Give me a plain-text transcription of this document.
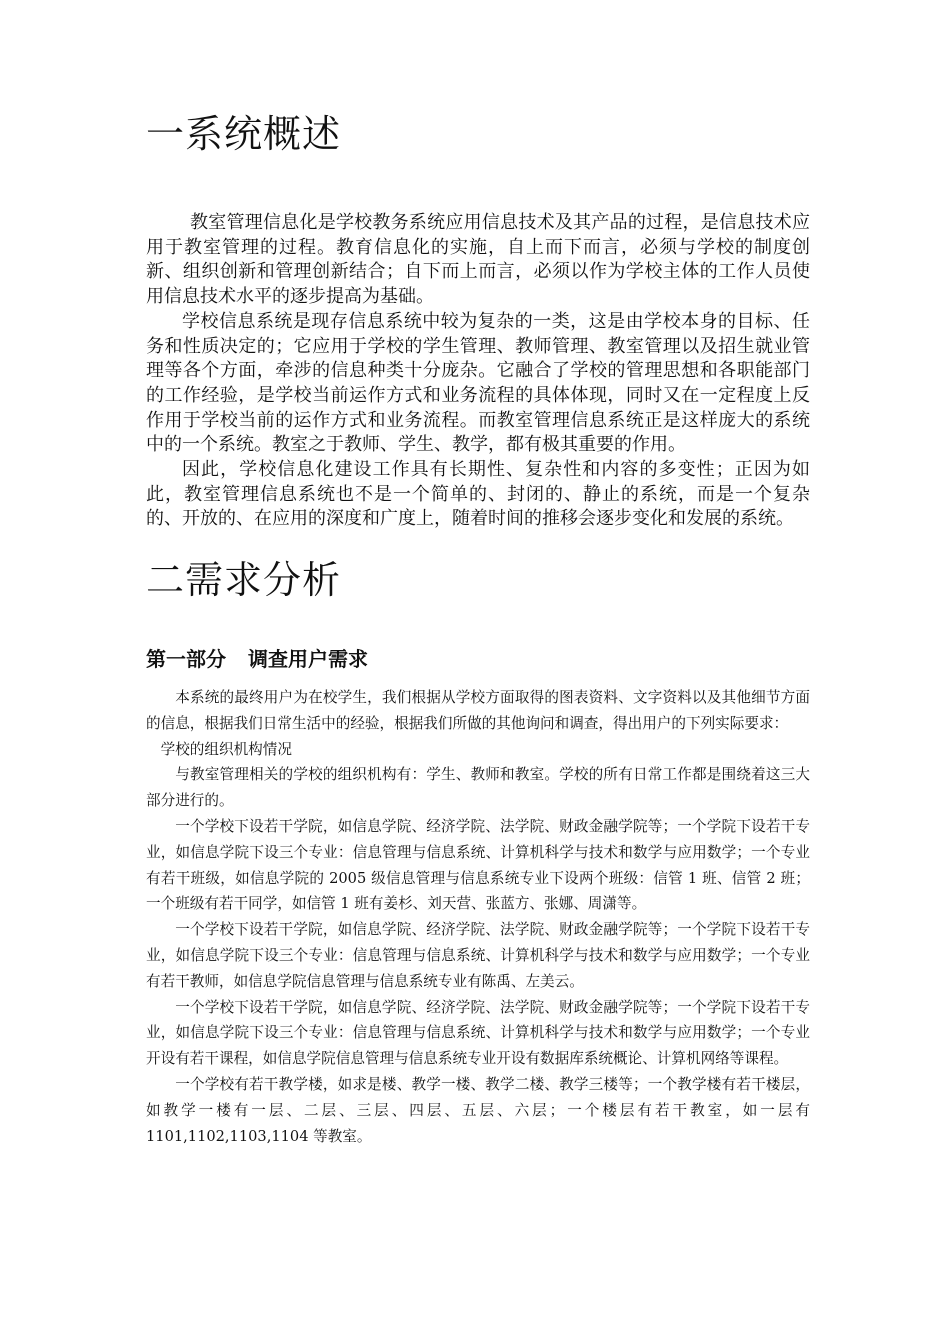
一系统概述

教室管理信息化是学校教务系统应用信息技术及其产品的过程，是信息技术应用于教室管理的过程。教育信息化的实施，自上而下而言，必须与学校的制度创新、组织创新和管理创新结合；自下而上而言，必须以作为学校主体的工作人员使用信息技术水平的逐步提高为基础。

学校信息系统是现存信息系统中较为复杂的一类，这是由学校本身的目标、任务和性质决定的；它应用于学校的学生管理、教师管理、教室管理以及招生就业管理等各个方面，牵涉的信息种类十分庞杂。它融合了学校的管理思想和各职能部门的工作经验，是学校当前运作方式和业务流程的具体体现，同时又在一定程度上反作用于学校当前的运作方式和业务流程。而教室管理信息系统正是这样庞大的系统中的一个系统。教室之于教师、学生、教学，都有极其重要的作用。

因此，学校信息化建设工作具有长期性、复杂性和内容的多变性；正因为如此，教室管理信息系统也不是一个简单的、封闭的、静止的系统，而是一个复杂的、开放的、在应用的深度和广度上，随着时间的推移会逐步变化和发展的系统。

二需求分析
第一部分 调查用户需求

本系统的最终用户为在校学生，我们根据从学校方面取得的图表资料、文字资料以及其他细节方面的信息，根据我们日常生活中的经验，根据我们所做的其他询问和调查，得出用户的下列实际要求：

学校的组织机构情况

与教室管理相关的学校的组织机构有：学生、教师和教室。学校的所有日常工作都是围绕着这三大部分进行的。

一个学校下设若干学院，如信息学院、经济学院、法学院、财政金融学院等；一个学院下设若干专业，如信息学院下设三个专业：信息管理与信息系统、计算机科学与技术和数学与应用数学；一个专业有若干班级，如信息学院的 2005 级信息管理与信息系统专业下设两个班级：信管 1 班、信管 2 班；一个班级有若干同学，如信管 1 班有姜杉、刘天营、张蓝方、张娜、周潇等。

一个学校下设若干学院，如信息学院、经济学院、法学院、财政金融学院等；一个学院下设若干专业，如信息学院下设三个专业：信息管理与信息系统、计算机科学与技术和数学与应用数学；一个专业有若干教师，如信息学院信息管理与信息系统专业有陈禹、左美云。

一个学校下设若干学院，如信息学院、经济学院、法学院、财政金融学院等；一个学院下设若干专业，如信息学院下设三个专业：信息管理与信息系统、计算机科学与技术和数学与应用数学；一个专业开设有若干课程，如信息学院信息管理与信息系统专业开设有数据库系统概论、计算机网络等课程。

一个学校有若干教学楼，如求是楼、教学一楼、教学二楼、教学三楼等；一个教学楼有若干楼层，如教学一楼有一层、二层、三层、四层、五层、六层；一个楼层有若干教室，如一层有 1101,1102,1103,1104 等教室。
